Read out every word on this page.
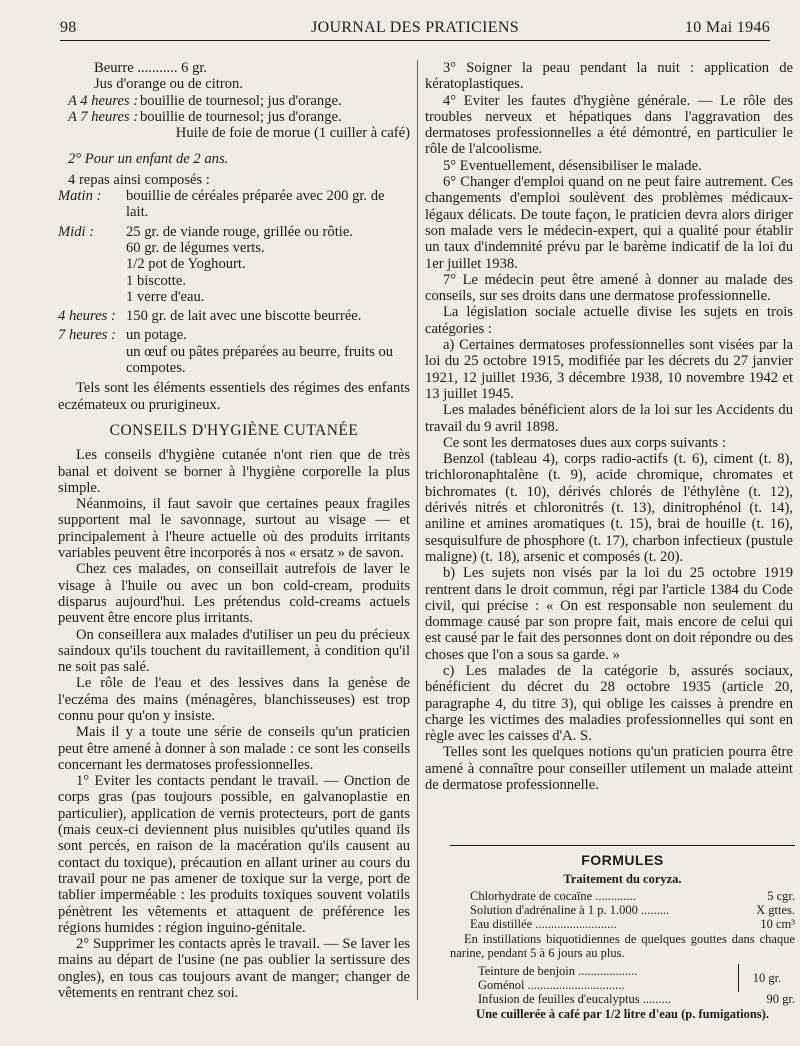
98	JOURNAL DES PRATICIENS	10 Mai 1946
Beurre ........... 6 gr.
Jus d'orange ou de citron.
A 4 heures : bouillie de tournesol; jus d'orange.
A 7 heures : bouillie de tournesol; jus d'orange.
Huile de foie de morue (1 cuiller à café)

2° Pour un enfant de 2 ans.

4 repas ainsi composés :

Matin :	bouillie de céréales préparée avec 200 gr. de lait.
Midi :	25 gr. de viande rouge, grillée ou rôtie.
60 gr. de légumes verts.
1/2 pot de Yoghourt.
1 biscotte.
1 verre d'eau.
4 heures : 150 gr. de lait avec une biscotte beurrée.
7 heures : un potage.
un œuf ou pâtes préparées au beurre, fruits ou compotes.

Tels sont les éléments essentiels des régimes des enfants eczémateux ou prurigineux.

CONSEILS D'HYGIÈNE CUTANÉE

Les conseils d'hygiène cutanée n'ont rien que de très banal et doivent se borner à l'hygiène corporelle la plus simple.

Néanmoins, il faut savoir que certaines peaux fragiles supportent mal le savonnage, surtout au visage — et principalement à l'heure actuelle où des produits irritants variables peuvent être incorporés à nos « ersatz » de savon.

Chez ces malades, on conseillait autrefois de laver le visage à l'huile ou avec un bon cold-cream, produits disparus aujourd'hui. Les prétendus cold-creams actuels peuvent être encore plus irritants.

On conseillera aux malades d'utiliser un peu du précieux saindoux qu'ils touchent du ravitaillement, à condition qu'il ne soit pas salé.

Le rôle de l'eau et des lessives dans la genèse de l'eczéma des mains (ménagères, blanchisseuses) est trop connu pour qu'on y insiste.

Mais il y a toute une série de conseils qu'un praticien peut être amené à donner à son malade : ce sont les conseils concernant les dermatoses professionnelles.

1° Eviter les contacts pendant le travail. — Onction de corps gras (pas toujours possible, en galvanoplastie en particulier), application de vernis protecteurs, port de gants (mais ceux-ci deviennent plus nuisibles qu'utiles quand ils sont percés, en raison de la macération qu'ils causent au contact du toxique), précaution en allant uriner au cours du travail pour ne pas amener de toxique sur la verge, port de tablier imperméable : les produits toxiques souvent volatils pénètrent les vêtements et attaquent de préférence les régions humides : région inguino-génitale.

2° Supprimer les contacts après le travail. — Se laver les mains au départ de l'usine (ne pas oublier la sertissure des ongles), en tous cas toujours avant de manger; changer de vêtements en rentrant chez soi.

3° Soigner la peau pendant la nuit : application de kératoplastiques.

4° Eviter les fautes d'hygiène générale. — Le rôle des troubles nerveux et hépatiques dans l'aggravation des dermatoses professionnelles a été démontré, en particulier le rôle de l'alcoolisme.

5° Eventuellement, désensibiliser le malade.

6° Changer d'emploi quand on ne peut faire autrement. Ces changements d'emploi soulèvent des problèmes médicaux-légaux délicats. De toute façon, le praticien devra alors diriger son malade vers le médecin-expert, qui a qualité pour établir un taux d'indemnité prévu par le barème indicatif de la loi du 1er juillet 1938.

7° Le médecin peut être amené à donner au malade des conseils, sur ses droits dans une dermatose professionnelle.

La législation sociale actuelle divise les sujets en trois catégories :

a) Certaines dermatoses professionnelles sont visées par la loi du 25 octobre 1915, modifiée par les décrets du 27 janvier 1921, 12 juillet 1936, 3 décembre 1938, 10 novembre 1942 et 13 juillet 1945.

Les malades bénéficient alors de la loi sur les Accidents du travail du 9 avril 1898.

Ce sont les dermatoses dues aux corps suivants :

Benzol (tableau 4), corps radio-actifs (t. 6), ciment (t. 8), trichloronaphtalène (t. 9), acide chromique, chromates et bichromates (t. 10), dérivés chlorés de l'éthylène (t. 12), dérivés nitrés et chloronitrés (t. 13), dinitrophénol (t. 14), aniline et amines aromatiques (t. 15), brai de houille (t. 16), sesquisulfure de phosphore (t. 17), charbon infectieux (pustule maligne) (t. 18), arsenic et composés (t. 20).

b) Les sujets non visés par la loi du 25 octobre 1919 rentrent dans le droit commun, régi par l'article 1384 du Code civil, qui précise : « On est responsable non seulement du dommage causé par son propre fait, mais encore de celui qui est causé par le fait des personnes dont on doit répondre ou des choses que l'on a sous sa garde. »

c) Les malades de la catégorie b, assurés sociaux, bénéficient du décret du 28 octobre 1935 (article 20, paragraphe 4, du titre 3), qui oblige les caisses à prendre en charge les victimes des maladies professionnelles qui sont en règle avec les caisses d'A. S.

Telles sont les quelques notions qu'un praticien pourra être amené à connaître pour conseiller utilement un malade atteint de dermatose professionnelle.

FORMULES
Traitement du coryza.
Chlorhydrate de cocaïne .............	5 cgr.
Solution d'adrénaline à 1 p. 1.000 .........	X gttes.
Eau distillée ..........................	10 cm³

En instillations biquotidiennes de quelques gouttes dans chaque narine, pendant 5 à 6 jours au plus.

Teinture de benjoin ...................
Goménol ...............................	10 gr.
Infusion de feuilles d'eucalyptus .........	90 gr.

Une cuillerée à café par 1/2 litre d'eau (p. fumigations).
